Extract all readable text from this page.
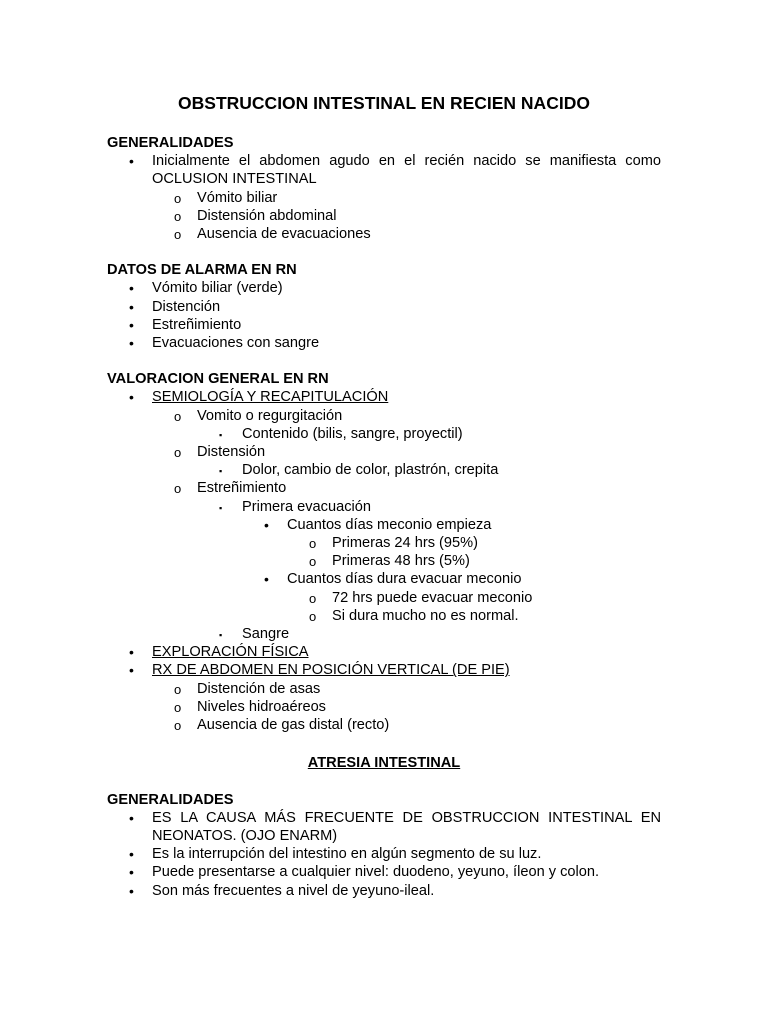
OBSTRUCCION INTESTINAL EN RECIEN NACIDO
GENERALIDADES
• Inicialmente el abdomen agudo en el recién nacido se manifiesta como OCLUSION INTESTINAL
o Vómito biliar
o Distensión abdominal
o Ausencia de evacuaciones
DATOS DE ALARMA EN RN
• Vómito biliar (verde)
• Distención
• Estreñimiento
• Evacuaciones con sangre
VALORACION GENERAL EN RN
• SEMIOLOGÍA Y RECAPITULACIÓN
o Vomito o regurgitación
▪ Contenido (bilis, sangre, proyectil)
o Distensión
▪ Dolor, cambio de color, plastrón, crepita
o Estreñimiento
▪ Primera evacuación
• Cuantos días meconio empieza
o Primeras 24 hrs (95%)
o Primeras 48 hrs (5%)
• Cuantos días dura evacuar meconio
o 72 hrs puede evacuar meconio
o Si dura mucho no es normal.
▪ Sangre
• EXPLORACIÓN FÍSICA
• RX DE ABDOMEN EN POSICIÓN VERTICAL (DE PIE)
o Distención de asas
o Niveles hidroaéreos
o Ausencia de gas distal (recto)
ATRESIA INTESTINAL
GENERALIDADES
• ES LA CAUSA MÁS FRECUENTE DE OBSTRUCCION INTESTINAL EN NEONATOS. (OJO ENARM)
• Es la interrupción del intestino en algún segmento de su luz.
• Puede presentarse a cualquier nivel: duodeno, yeyuno, íleon y colon.
• Son más frecuentes a nivel de yeyuno-ileal.
